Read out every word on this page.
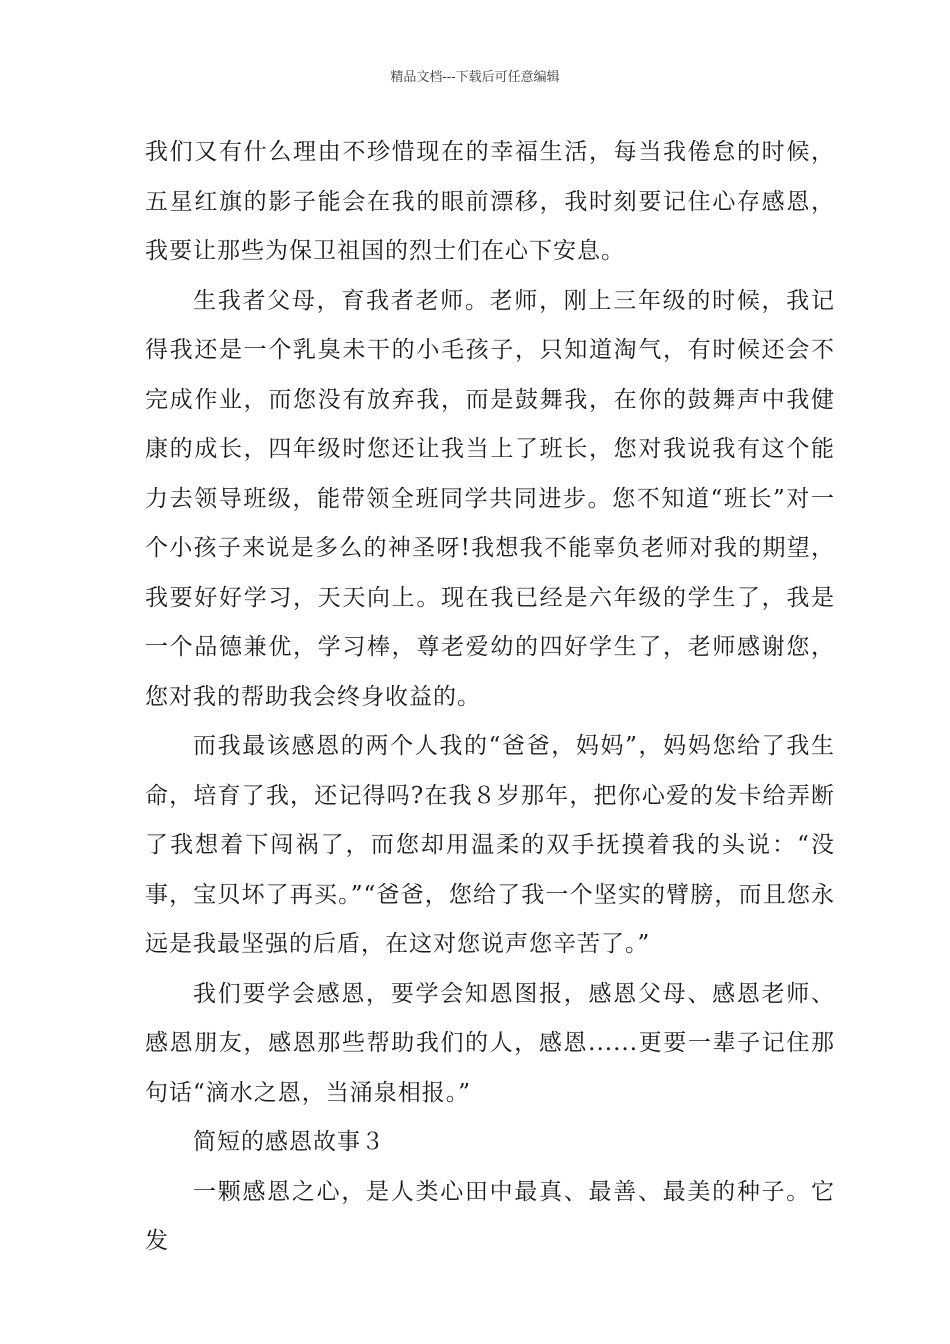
精品文档---下载后可任意编辑

我们又有什么理由不珍惜现在的幸福生活，每当我倦怠的时候，五星红旗的影子能会在我的眼前漂移，我时刻要记住心存感恩，我要让那些为保卫祖国的烈士们在心下安息。

生我者父母，育我者老师。老师，刚上三年级的时候，我记得我还是一个乳臭未干的小毛孩子，只知道淘气，有时候还会不完成作业，而您没有放弃我，而是鼓舞我，在你的鼓舞声中我健康的成长，四年级时您还让我当上了班长，您对我说我有这个能力去领导班级，能带领全班同学共同进步。您不知道“班长”对一个小孩子来说是多么的神圣呀!我想我不能辜负老师对我的期望，我要好好学习，天天向上。现在我已经是六年级的学生了，我是一个品德兼优，学习棒，尊老爱幼的四好学生了，老师感谢您，您对我的帮助我会终身收益的。

而我最该感恩的两个人我的“爸爸，妈妈”，妈妈您给了我生命，培育了我，还记得吗?在我８岁那年，把你心爱的发卡给弄断了我想着下闯祸了，而您却用温柔的双手抚摸着我的头说：“没事，宝贝坏了再买。”“爸爸，您给了我一个坚实的臂膀，而且您永远是我最坚强的后盾，在这对您说声您辛苦了。”

我们要学会感恩，要学会知恩图报，感恩父母、感恩老师、感恩朋友，感恩那些帮助我们的人，感恩......更要一辈子记住那句话“滴水之恩，当涌泉相报。”

简短的感恩故事３

一颗感恩之心，是人类心田中最真、最善、最美的种子。它发
